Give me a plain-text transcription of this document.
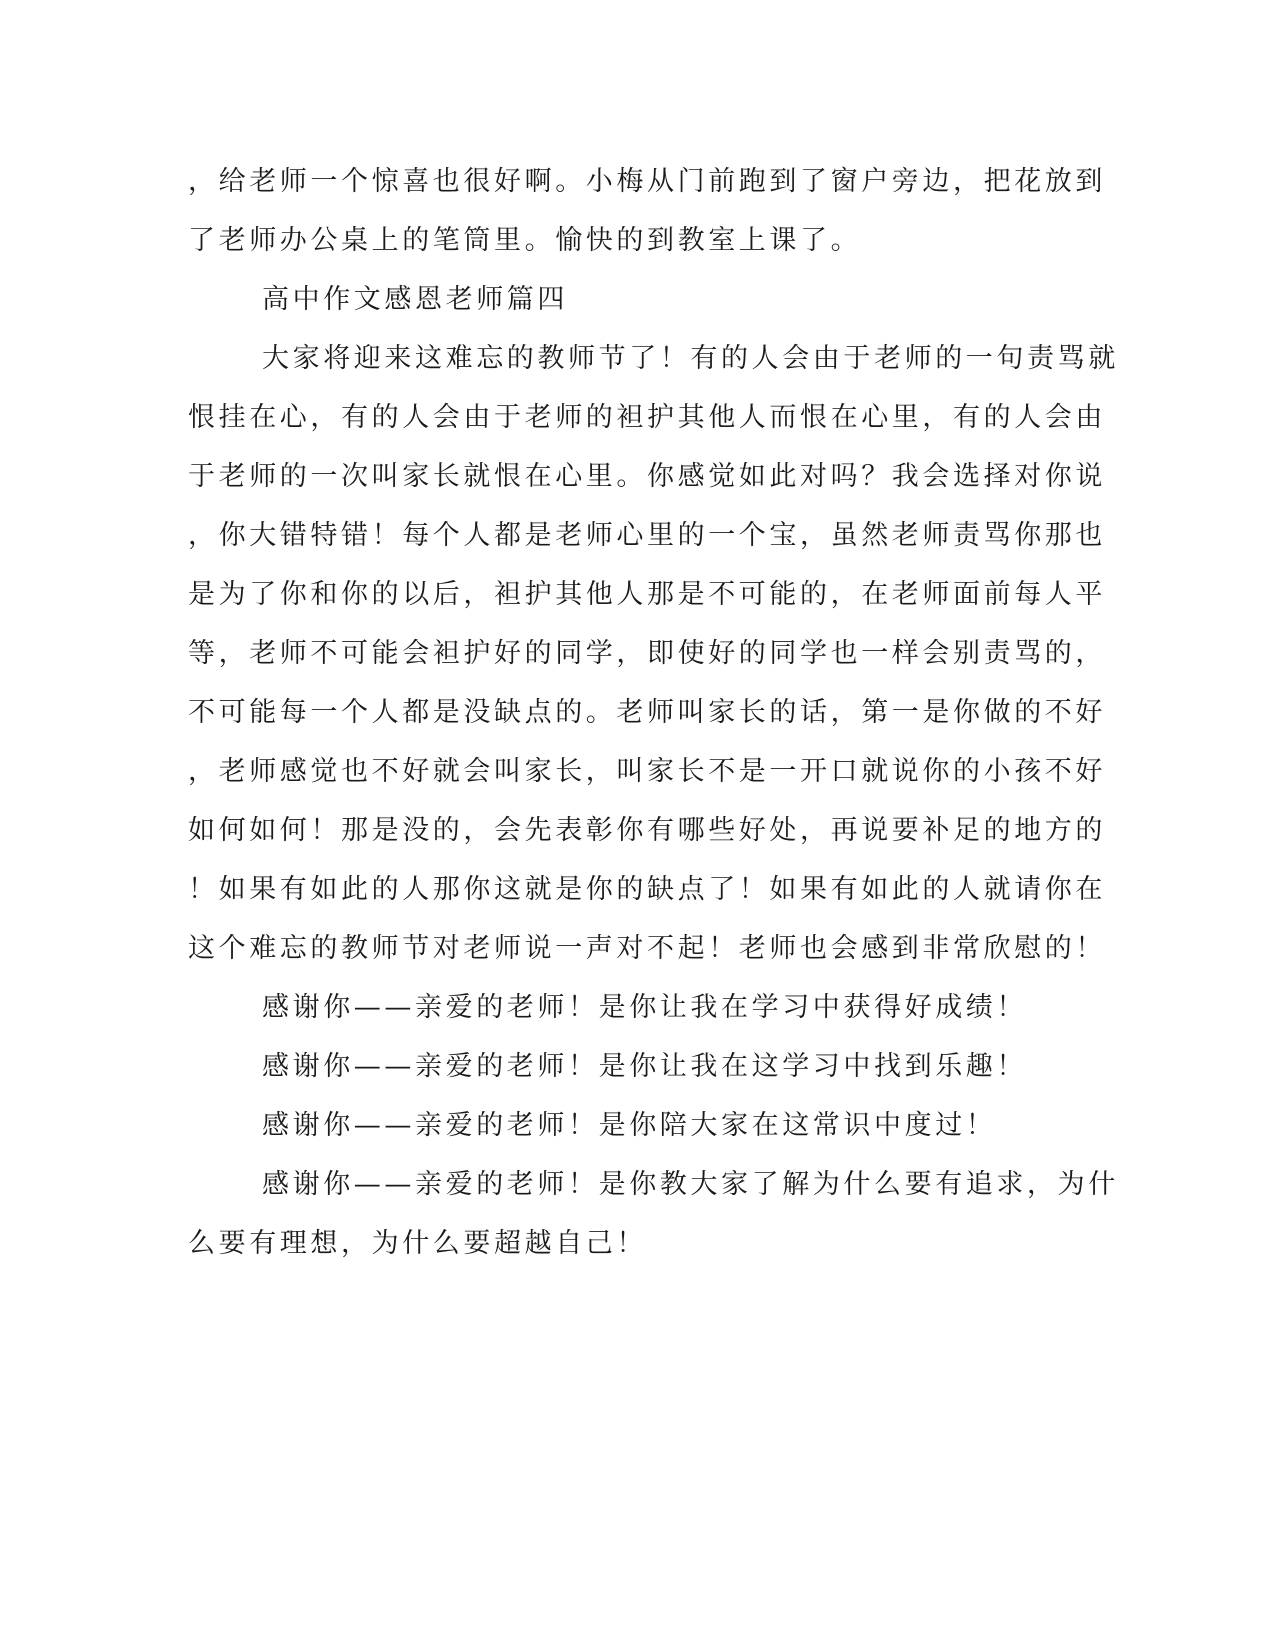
，给老师一个惊喜也很好啊。小梅从门前跑到了窗户旁边，把花放到
了老师办公桌上的笔筒里。愉快的到教室上课了。
高中作文感恩老师篇四
大家将迎来这难忘的教师节了！有的人会由于老师的一句责骂就
恨挂在心，有的人会由于老师的袒护其他人而恨在心里，有的人会由
于老师的一次叫家长就恨在心里。你感觉如此对吗？我会选择对你说
，你大错特错！每个人都是老师心里的一个宝，虽然老师责骂你那也
是为了你和你的以后，袒护其他人那是不可能的，在老师面前每人平
等，老师不可能会袒护好的同学，即使好的同学也一样会别责骂的，
不可能每一个人都是没缺点的。老师叫家长的话，第一是你做的不好
，老师感觉也不好就会叫家长，叫家长不是一开口就说你的小孩不好
如何如何！那是没的，会先表彰你有哪些好处，再说要补足的地方的
！如果有如此的人那你这就是你的缺点了！如果有如此的人就请你在
这个难忘的教师节对老师说一声对不起！老师也会感到非常欣慰的！
感谢你——亲爱的老师！是你让我在学习中获得好成绩！
感谢你——亲爱的老师！是你让我在这学习中找到乐趣！
感谢你——亲爱的老师！是你陪大家在这常识中度过！
感谢你——亲爱的老师！是你教大家了解为什么要有追求，为什
么要有理想，为什么要超越自己！
